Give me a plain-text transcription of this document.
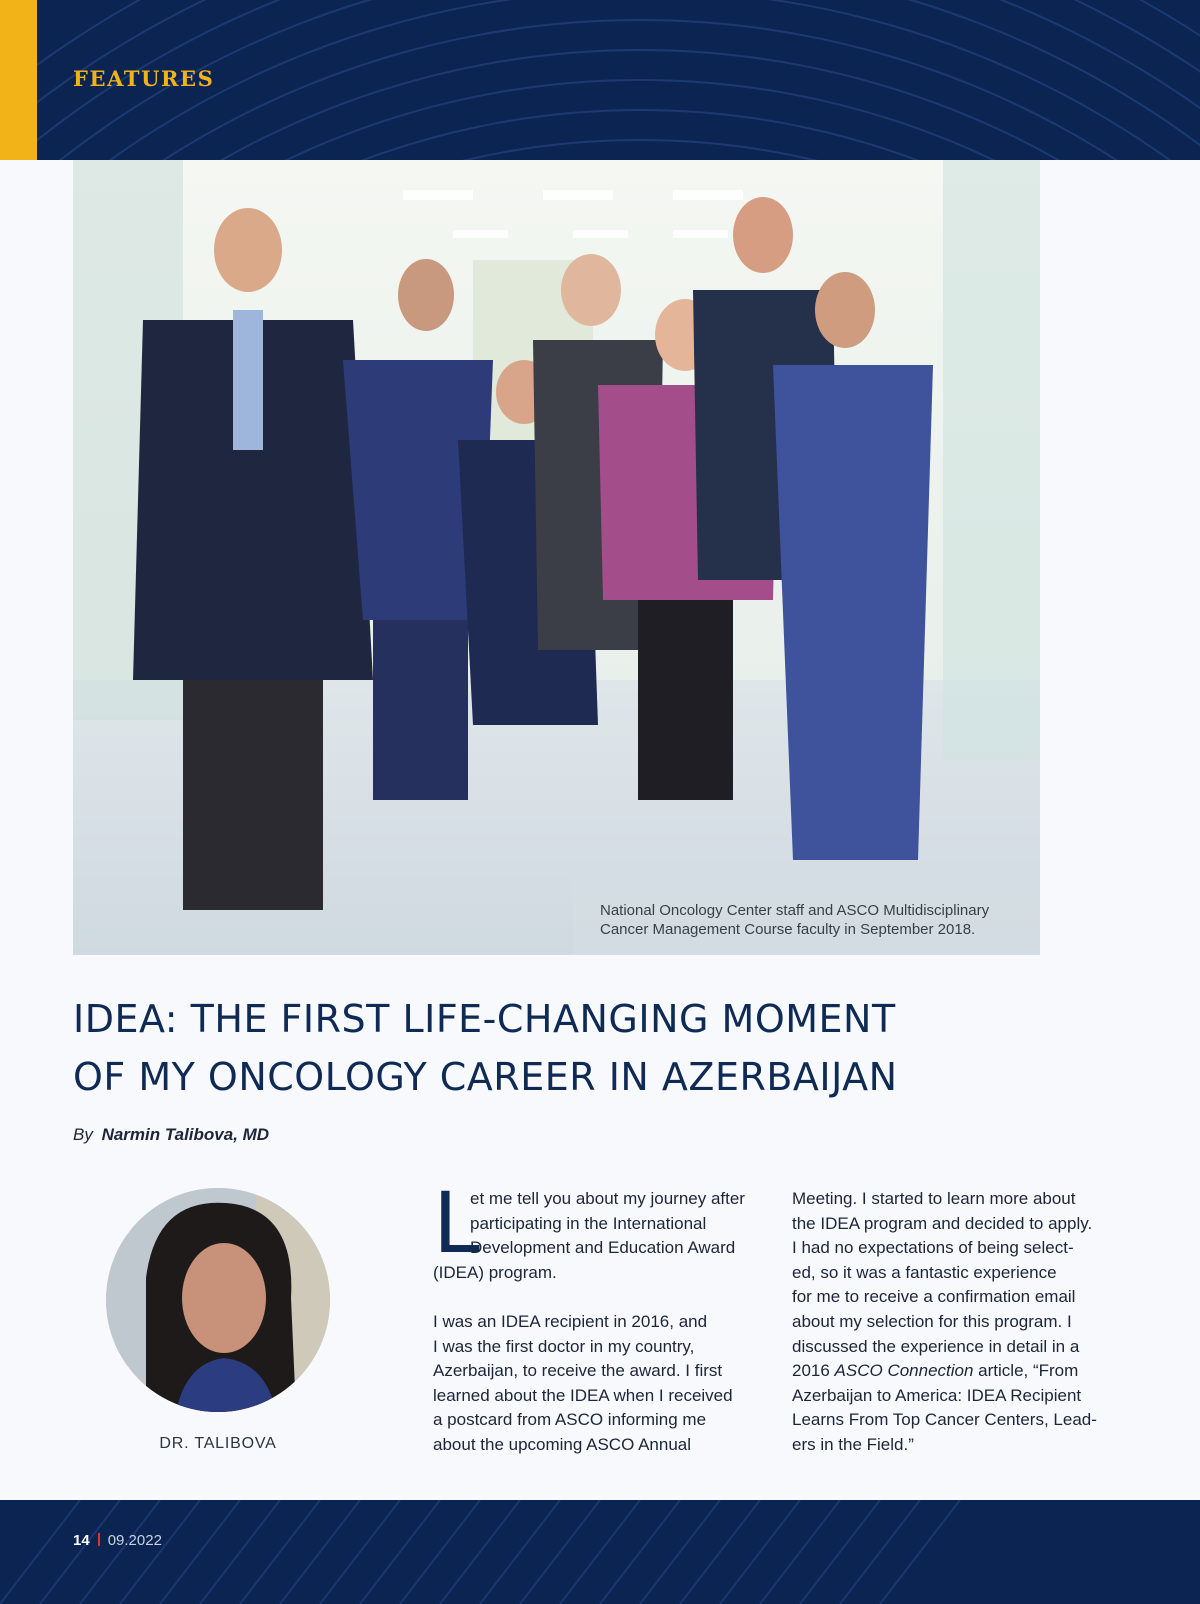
FEATURES
National Oncology Center staff and ASCO Multidisciplinary
Cancer Management Course faculty in September 2018.
IDEA: THE FIRST LIFE-CHANGING MOMENT
OF MY ONCOLOGY CAREER IN AZERBAIJAN
By Narmin Talibova, MD
DR. TALIBOVA
L
et me tell you about my journey after
participating in the International
Development and Education Award
(IDEA) program.
I was an IDEA recipient in 2016, and
I was the first doctor in my country,
Azerbaijan, to receive the award. I first
learned about the IDEA when I received
a postcard from ASCO informing me
about the upcoming ASCO Annual
Meeting. I started to learn more about
the IDEA program and decided to apply.
I had no expectations of being select-
ed, so it was a fantastic experience
for me to receive a confirmation email
about my selection for this program. I
discussed the experience in detail in a
2016 ASCO Connection article, “From
Azerbaijan to America: IDEA Recipient
Learns From Top Cancer Centers, Lead-
ers in the Field.”
14 09.2022
